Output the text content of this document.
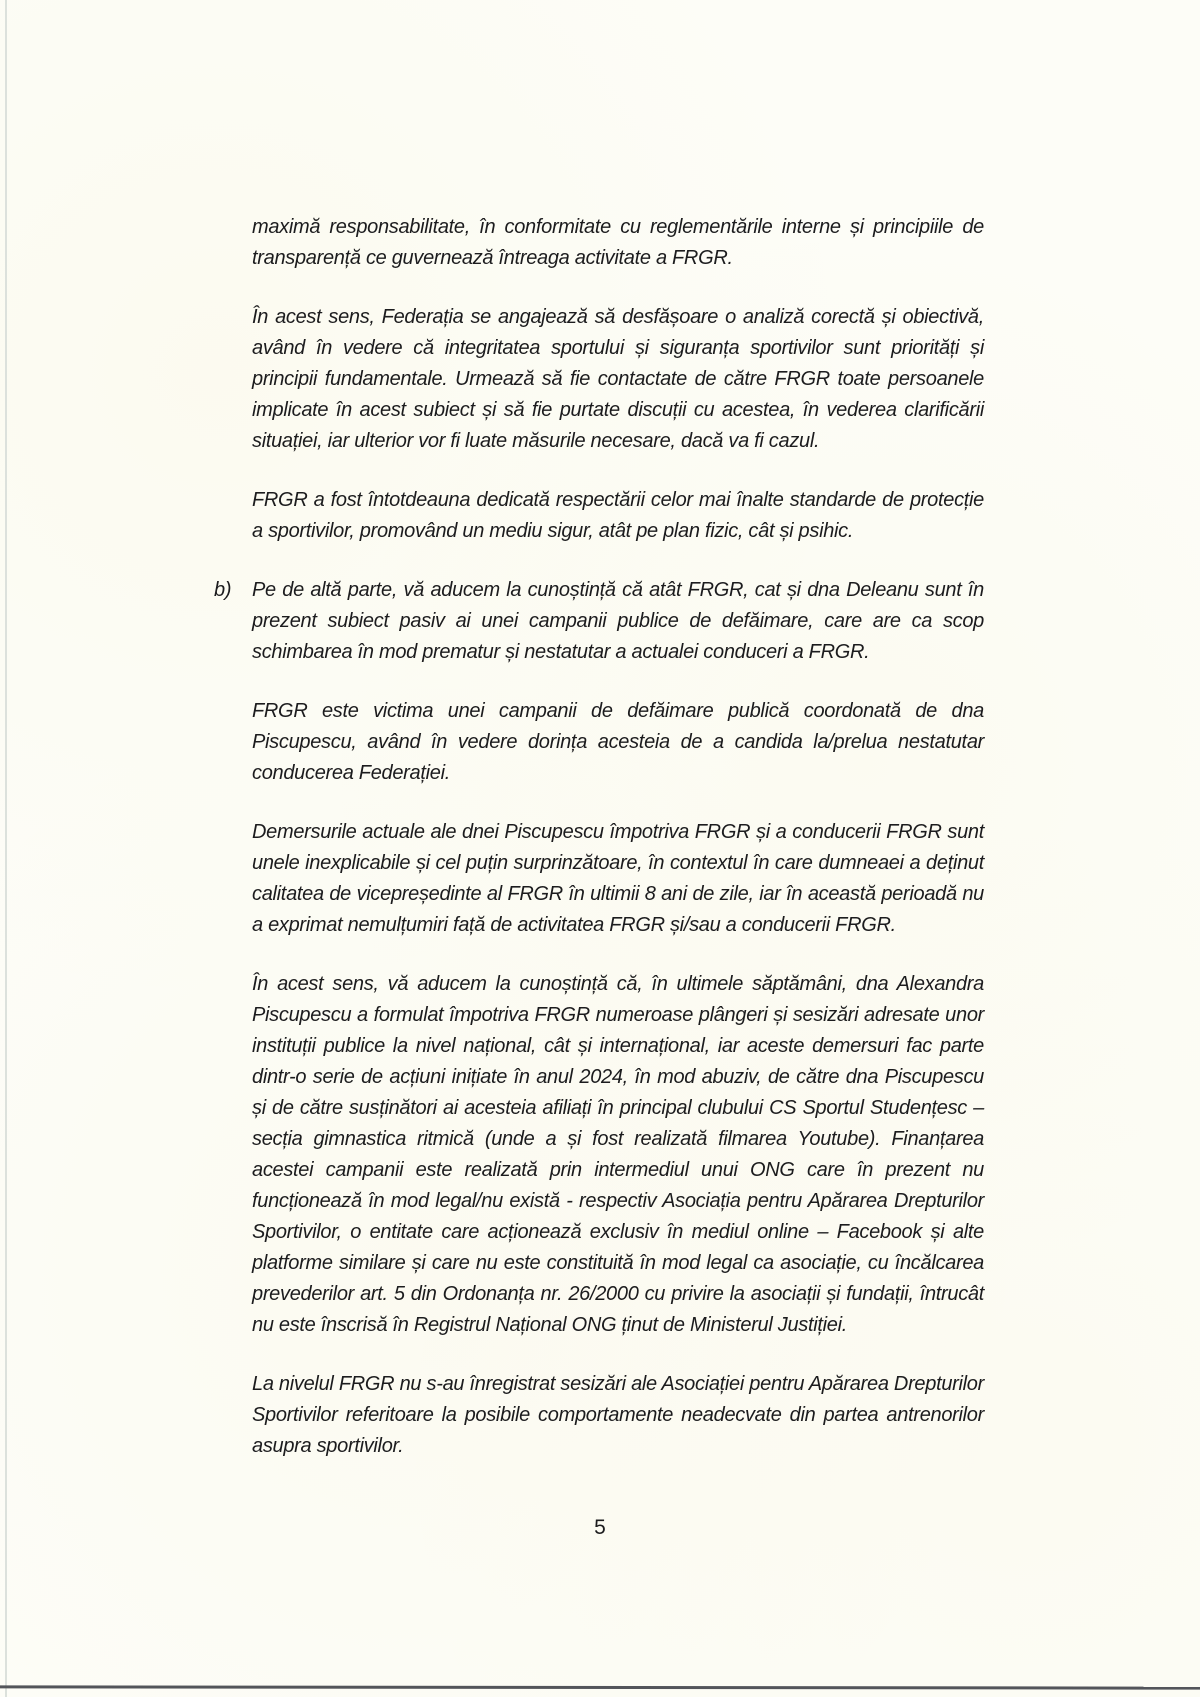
maximă responsabilitate, în conformitate cu reglementările interne și principiile de transparență ce guvernează întreaga activitate a FRGR.
În acest sens, Federația se angajează să desfășoare o analiză corectă și obiectivă, având în vedere că integritatea sportului și siguranța sportivilor sunt priorități și principii fundamentale. Urmează să fie contactate de către FRGR toate persoanele implicate în acest subiect și să fie purtate discuții cu acestea, în vederea clarificării situației, iar ulterior vor fi luate măsurile necesare, dacă va fi cazul.
FRGR a fost întotdeauna dedicată respectării celor mai înalte standarde de protecție a sportivilor, promovând un mediu sigur, atât pe plan fizic, cât și psihic.
b) Pe de altă parte, vă aducem la cunoștință că atât FRGR, cat și dna Deleanu sunt în prezent subiect pasiv ai unei campanii publice de defăimare, care are ca scop schimbarea în mod prematur și nestatutar a actualei conduceri a FRGR.
FRGR este victima unei campanii de defăimare publică coordonată de dna Piscupescu, având în vedere dorința acesteia de a candida la/prelua nestatutar conducerea Federației.
Demersurile actuale ale dnei Piscupescu împotriva FRGR și a conducerii FRGR sunt unele inexplicabile și cel puțin surprinzătoare, în contextul în care dumneaei a deținut calitatea de vicepreședinte al FRGR în ultimii 8 ani de zile, iar în această perioadă nu a exprimat nemulțumiri față de activitatea FRGR și/sau a conducerii FRGR.
În acest sens, vă aducem la cunoștință că, în ultimele săptămâni, dna Alexandra Piscupescu a formulat împotriva FRGR numeroase plângeri și sesizări adresate unor instituții publice la nivel național, cât și internațional, iar aceste demersuri fac parte dintr-o serie de acțiuni inițiate în anul 2024, în mod abuziv, de către dna Piscupescu și de către susținători ai acesteia afiliați în principal clubului CS Sportul Studențesc – secția gimnastica ritmică (unde a și fost realizată filmarea Youtube). Finanțarea acestei campanii este realizată prin intermediul unui ONG care în prezent nu funcționează în mod legal/nu există - respectiv Asociația pentru Apărarea Drepturilor Sportivilor, o entitate care acționează exclusiv în mediul online – Facebook și alte platforme similare și care nu este constituită în mod legal ca asociație, cu încălcarea prevederilor art. 5 din Ordonanța nr. 26/2000 cu privire la asociații și fundații, întrucât nu este înscrisă în Registrul Național ONG ținut de Ministerul Justiției.
La nivelul FRGR nu s-au înregistrat sesizări ale Asociației pentru Apărarea Drepturilor Sportivilor referitoare la posibile comportamente neadecvate din partea antrenorilor asupra sportivilor.
5
